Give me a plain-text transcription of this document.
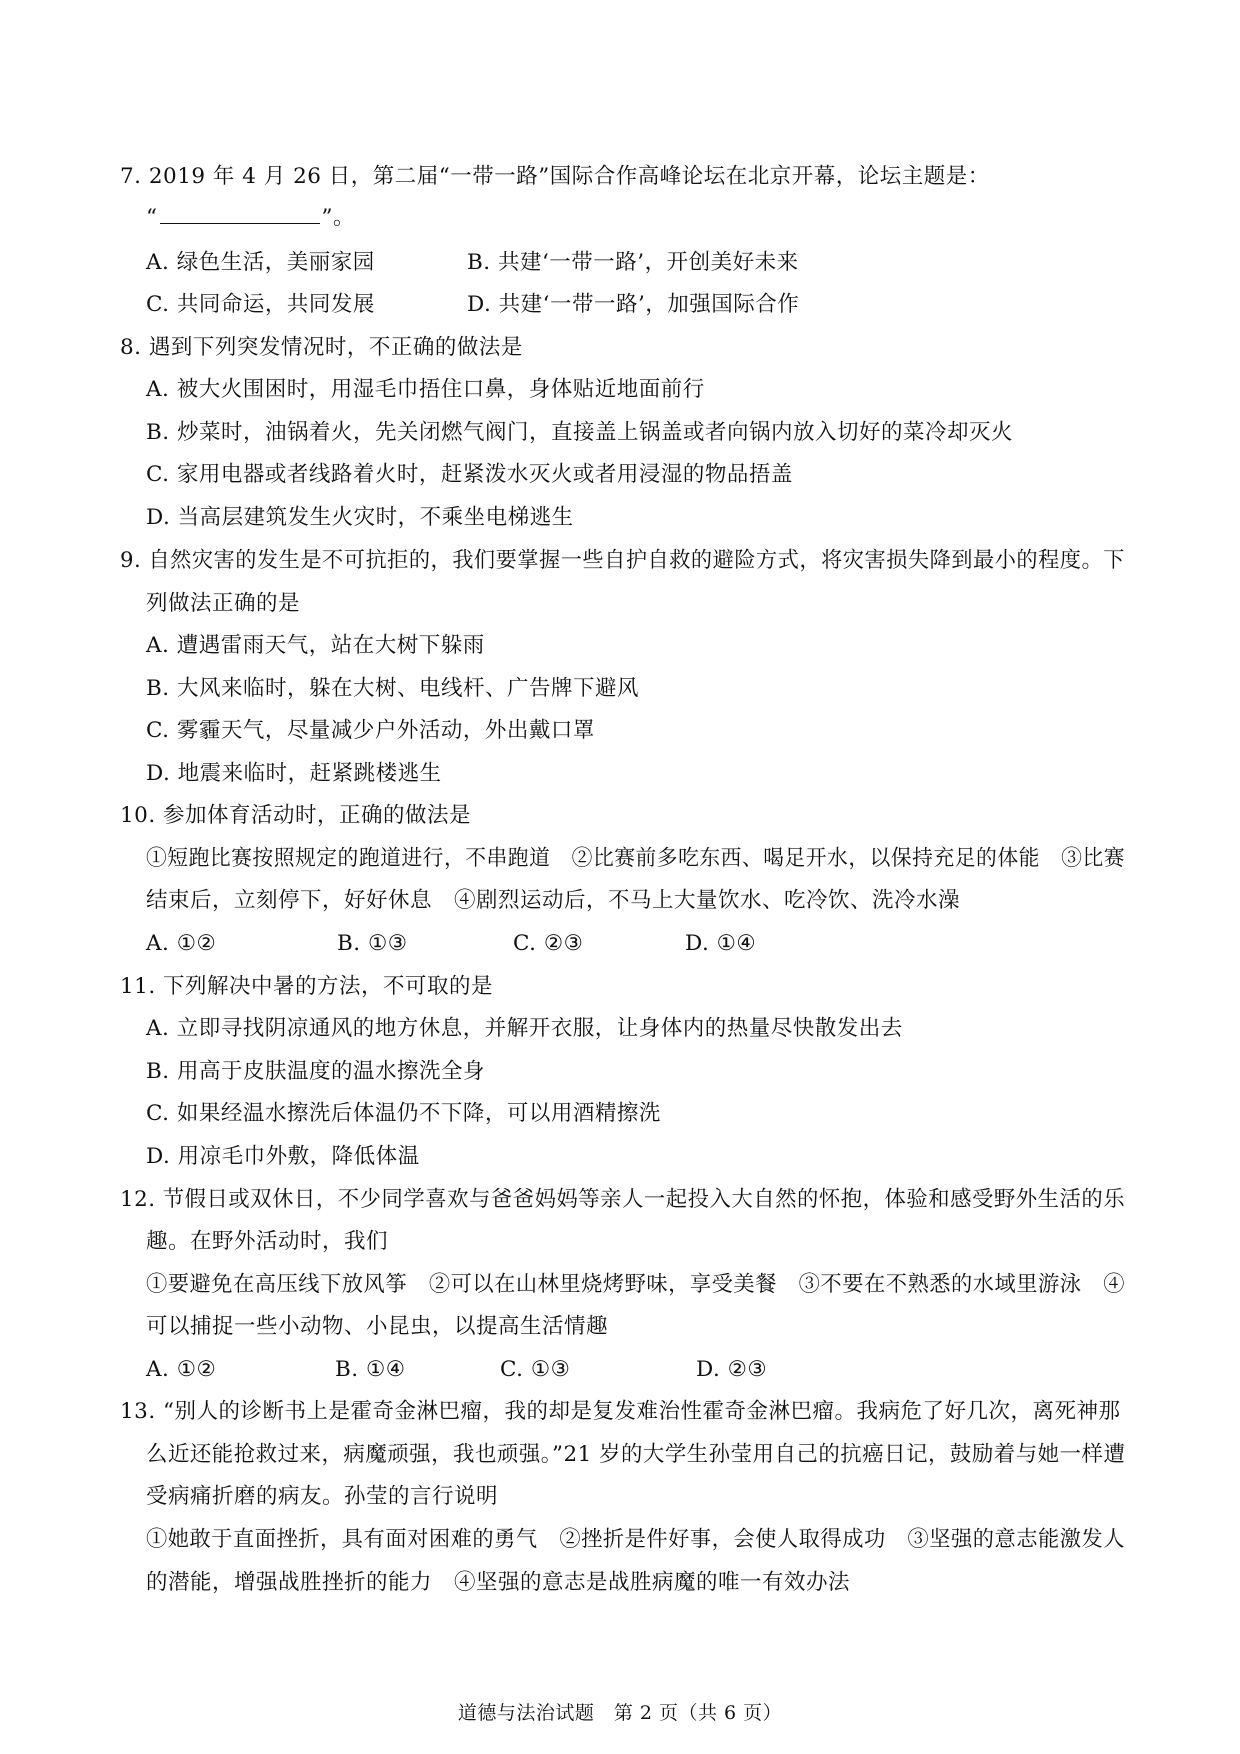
7. 2019 年 4 月 26 日，第二届“一带一路”国际合作高峰论坛在北京开幕，论坛主题是：
“	”。
A. 绿色生活，美丽家园	B. 共建‘一带一路’，开创美好未来
C. 共同命运，共同发展	D. 共建‘一带一路’，加强国际合作
8. 遇到下列突发情况时，不正确的做法是
A. 被大火围困时，用湿毛巾捂住口鼻，身体贴近地面前行
B. 炒菜时，油锅着火，先关闭燃气阀门，直接盖上锅盖或者向锅内放入切好的菜冷却灭火
C. 家用电器或者线路着火时，赶紧泼水灭火或者用浸湿的物品捂盖
D. 当高层建筑发生火灾时，不乘坐电梯逃生
9. 自然灾害的发生是不可抗拒的，我们要掌握一些自护自救的避险方式，将灾害损失降到最小的程度。下
列做法正确的是
A. 遭遇雷雨天气，站在大树下躲雨
B. 大风来临时，躲在大树、电线杆、广告牌下避风
C. 雾霾天气，尽量减少户外活动，外出戴口罩
D. 地震来临时，赶紧跳楼逃生
10. 参加体育活动时，正确的做法是
①短跑比赛按照规定的跑道进行，不串跑道　②比赛前多吃东西、喝足开水，以保持充足的体能　③比赛
结束后，立刻停下，好好休息　④剧烈运动后，不马上大量饮水、吃冷饮、洗冷水澡
A. ①②	B. ①③	C. ②③	D. ①④
11. 下列解决中暑的方法，不可取的是
A. 立即寻找阴凉通风的地方休息，并解开衣服，让身体内的热量尽快散发出去
B. 用高于皮肤温度的温水擦洗全身
C. 如果经温水擦洗后体温仍不下降，可以用酒精擦洗
D. 用凉毛巾外敷，降低体温
12. 节假日或双休日，不少同学喜欢与爸爸妈妈等亲人一起投入大自然的怀抱，体验和感受野外生活的乐
趣。在野外活动时，我们
①要避免在高压线下放风筝　②可以在山林里烧烤野味，享受美餐　③不要在不熟悉的水域里游泳　④
可以捕捉一些小动物、小昆虫，以提高生活情趣
A. ①②	B. ①④	C. ①③	D. ②③
13. “别人的诊断书上是霍奇金淋巴瘤，我的却是复发难治性霍奇金淋巴瘤。我病危了好几次，离死神那
么近还能抢救过来，病魔顽强，我也顽强。”21 岁的大学生孙莹用自己的抗癌日记，鼓励着与她一样遭
受病痛折磨的病友。孙莹的言行说明
①她敢于直面挫折，具有面对困难的勇气　②挫折是件好事，会使人取得成功　③坚强的意志能激发人
的潜能，增强战胜挫折的能力　④坚强的意志是战胜病魔的唯一有效办法
道德与法治试题　第 2 页（共 6 页）
